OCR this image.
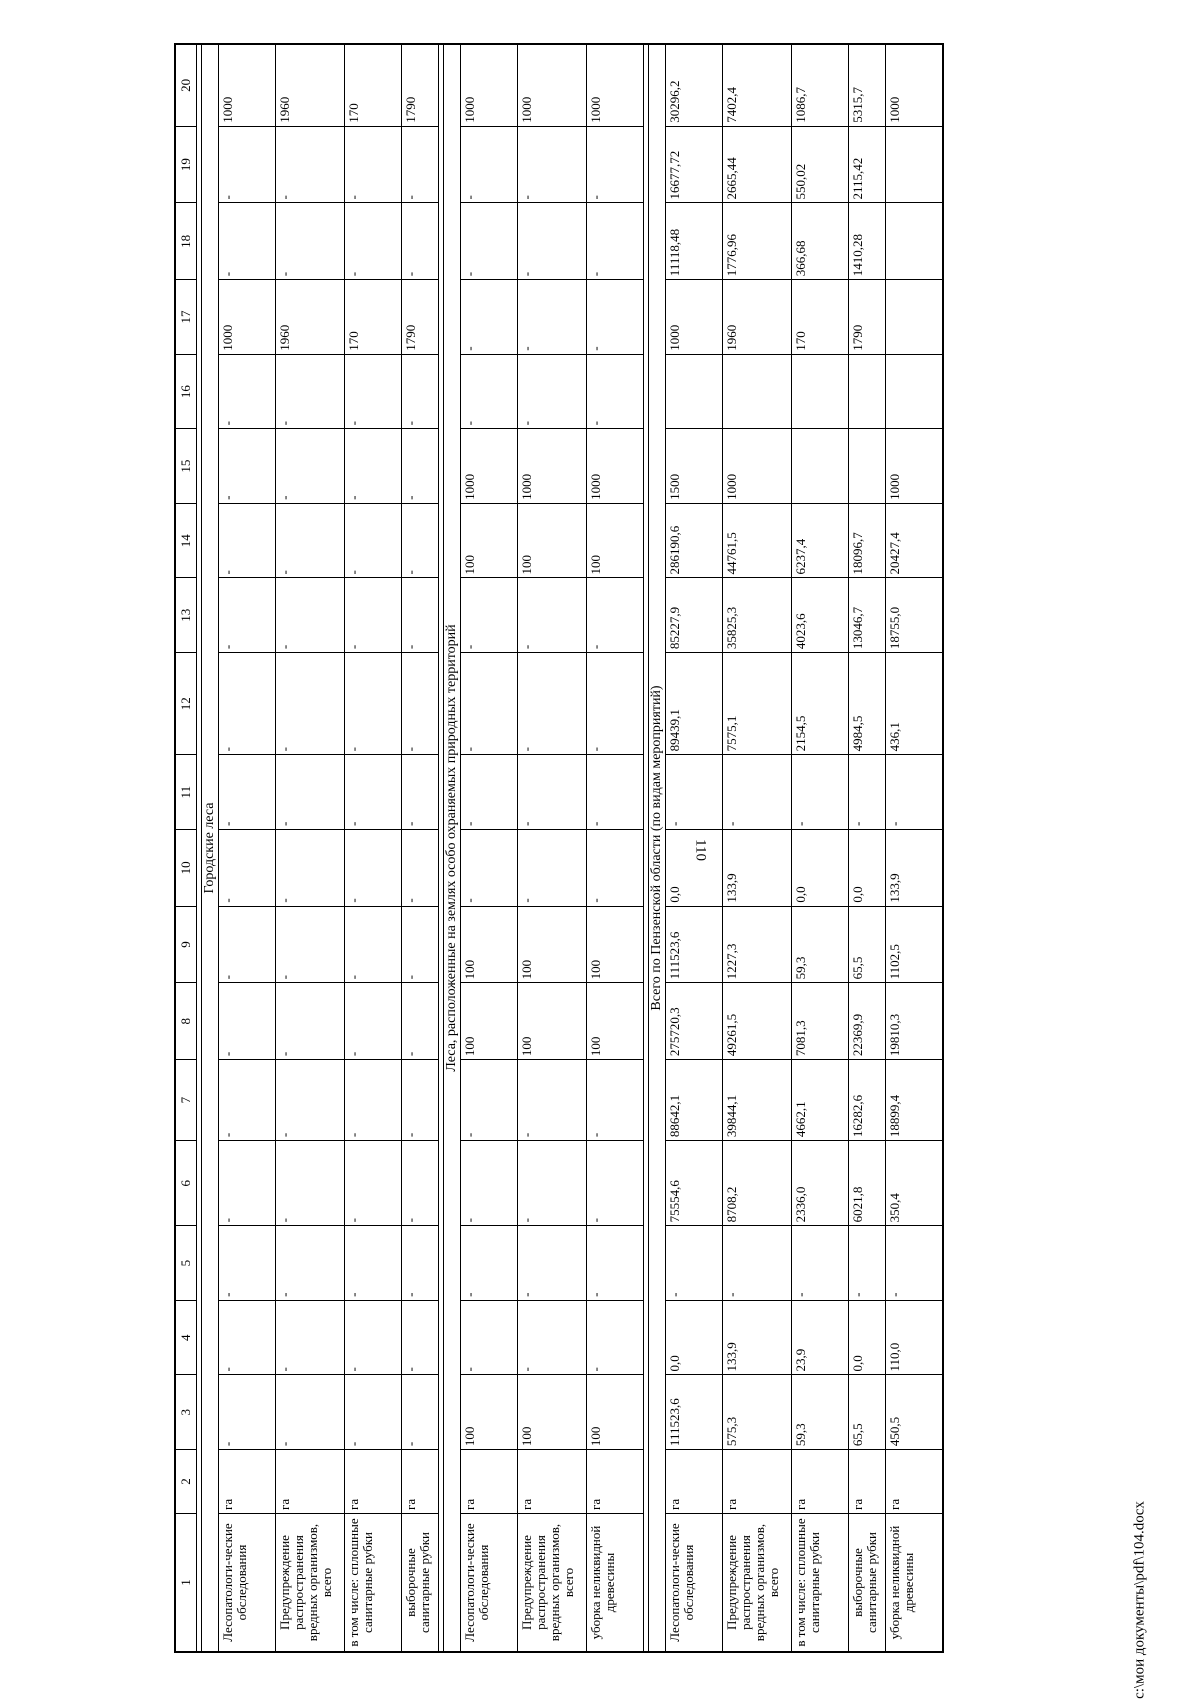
110
1	2	3	4	5	6	7	8	9	10	11	12	13	14	15	16	17	18	19	20

Городские леса																			
Лесопатологи-ческие обследования	га	-	-	-	-	-	-	-	-	-	-	-	-	-	-	1000	-	-	1000
Предупреждение распространения вредных организмов, всего	га	-	-	-	-	-	-	-	-	-	-	-	-	-	-	1960	-	-	1960
в том числе: сплошные санитарные рубки	га	-	-	-	-	-	-	-	-	-	-	-	-	-	-	170	-	-	170
выборочные санитарные рубки	га	-	-	-	-	-	-	-	-	-	-	-	-	-	-	1790	-	-	1790

Леса, расположенные на землях особо охраняемых природных территорий																			
Лесопатологи-ческие обследования	га	100	-	-	-	-	100	100	-	-	-	-	100	1000	-	-	-	-	1000
Предупреждение распространения вредных организмов, всего	га	100	-	-	-	-	100	100	-	-	-	-	100	1000	-	-	-	-	1000
уборка неликвидной древесины	га	100	-	-	-	-	100	100	-	-	-	-	100	1000	-	-	-	-	1000

Всего по Пензенской области (по видам мероприятий)																			
Лесопатологи-ческие обследования	га	111523,6	0,0	-	75554,6	88642,1	275720,3	111523,6	0,0	-	89439,1	85227,9	286190,6	1500		1000	11118,48	16677,72	30296,2
Предупреждение распространения вредных организмов, всего	га	575,3	133,9	-	8708,2	39844,1	49261,5	1227,3	133,9	-	7575,1	35825,3	44761,5	1000		1960	1776,96	2665,44	7402,4
в том числе: сплошные санитарные рубки	га	59,3	23,9	-	2336,0	4662,1	7081,3	59,3	0,0	-	2154,5	4023,6	6237,4			170	366,68	550,02	1086,7
выборочные санитарные рубки	га	65,5	0,0	-	6021,8	16282,6	22369,9	65,5	0,0	-	4984,5	13046,7	18096,7			1790	1410,28	2115,42	5315,7
уборка неликвидной древесины	га	450,5	110,0	-	350,4	18899,4	19810,3	1102,5	133,9	-	436,1	18755,0	20427,4	1000					1000
c:\мои документы\pdf\104.docx
